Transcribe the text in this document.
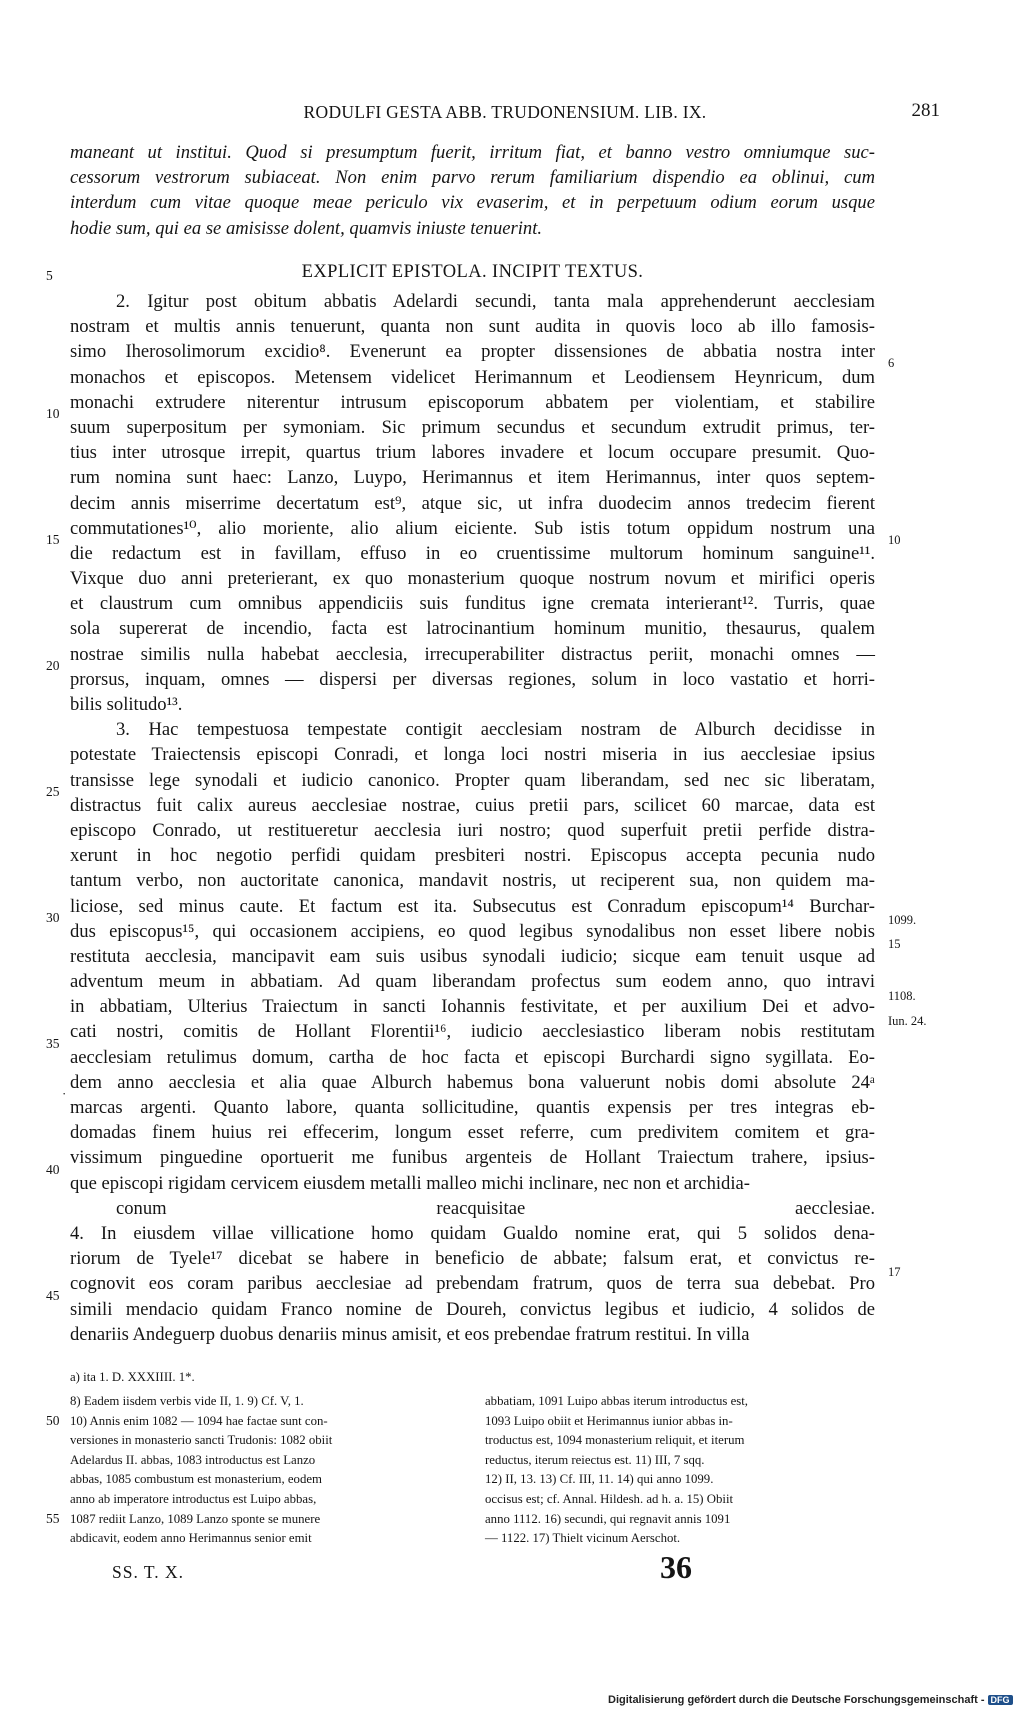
RODULFI GESTA ABB. TRUDONENSIUM. LIB. IX.	281
maneant ut institui. Quod si presumptum fuerit, irritum fiat, et banno vestro omniumque suc-
cessorum vestrorum subiaceat. Non enim parvo rerum familiarium dispendio ea oblinui, cum
interdum cum vitae quoque meae periculo vix evaserim, et in perpetuum odium eorum usque
hodie sum, qui ea se amisisse dolent, quamvis iniuste tenuerint.
5	EXPLICIT EPISTOLA. INCIPIT TEXTUS.
2. Igitur post obitum abbatis Adelardi secundi, tanta mala apprehenderunt aecclesiam
nostram et multis annis tenuerunt, quanta non sunt audita in quovis loco ab illo famosis-
simo Iherosolimorum excidio⁸. Evenerunt ea propter dissensiones de abbatia nostra inter
monachos et episcopos. Metensem videlicet Herimannum et Leodiensem Heynricum, dum
monachi extrudere niterentur intrusum episcoporum abbatem per violentiam, et stabilire
suum superpositum per symoniam. Sic primum secundus et secundum extrudit primus, ter-
tius inter utrosque irrepit, quartus trium labores invadere et locum occupare presumit. Quo-
rum nomina sunt haec: Lanzo, Luypo, Herimannus et item Herimannus, inter quos septem-
decim annis miserrime decertatum est⁹, atque sic, ut infra duodecim annos tredecim fierent
commutationes¹⁰, alio moriente, alio alium eiciente. Sub istis totum oppidum nostrum una
die redactum est in favillam, effuso in eo cruentissime multorum hominum sanguine¹¹.
Vixque duo anni preterierant, ex quo monasterium quoque nostrum novum et mirifici operis
et claustrum cum omnibus appendiciis suis funditus igne cremata interierant¹². Turris, quae
sola supererat de incendio, facta est latrocinantium hominum munitio, thesaurus, qualem
nostrae similis nulla habebat aecclesia, irrecuperabiliter distractus periit, monachi omnes —
prorsus, inquam, omnes — dispersi per diversas regiones, solum in loco vastatio et horri-
bilis solitudo¹³.
3. Hac tempestuosa tempestate contigit aecclesiam nostram de Alburch decidisse in
potestate Traiectensis episcopi Conradi, et longa loci nostri miseria in ius aecclesiae ipsius
transisse lege synodali et iudicio canonico. Propter quam liberandam, sed nec sic liberatam,
distractus fuit calix aureus aecclesiae nostrae, cuius pretii pars, scilicet 60 marcae, data est
episcopo Conrado, ut restitueretur aecclesia iuri nostro; quod superfuit pretii perfide distra-
xerunt in hoc negotio perfidi quidam presbiteri nostri. Episcopus accepta pecunia nudo
tantum verbo, non auctoritate canonica, mandavit nostris, ut reciperent sua, non quidem ma-
liciose, sed minus caute. Et factum est ita. Subsecutus est Conradum episcopum¹⁴ Burchar-
dus episcopus¹⁵, qui occasionem accipiens, eo quod legibus synodalibus non esset libere nobis
restituta aecclesia, mancipavit eam suis usibus synodali iudicio; sicque eam tenuit usque ad
adventum meum in abbatiam. Ad quam liberandam profectus sum eodem anno, quo intravi
in abbatiam, Ulterius Traiectum in sancti Iohannis festivitate, et per auxilium Dei et advo-
cati nostri, comitis de Hollant Florentii¹⁶, iudicio aecclesiastico liberam nobis restitutam
aecclesiam retulimus domum, cartha de hoc facta et episcopi Burchardi signo sygillata. Eo-
dem anno aecclesia et alia quae Alburch habemus bona valuerunt nobis domi absolute 24ᵃ
marcas argenti. Quanto labore, quanta sollicitudine, quantis expensis per tres integras eb-
domadas finem huius rei effecerim, longum esset referre, cum predivitem comitem et gra-
vissimum pinguedine oportuerit me funibus argenteis de Hollant Traiectum trahere, ipsius-
que episcopi rigidam cervicem eiusdem metalli malleo michi inclinare, nec non et archidia-
conum reacquisitae aecclesiae.
4. In eiusdem villae villicatione homo quidam Gualdo nomine erat, qui 5 solidos dena-
riorum de Tyele¹⁷ dicebat se habere in beneficio de abbate; falsum erat, et convictus re-
cognovit eos coram paribus aecclesiae ad prebendam fratrum, quos de terra sua debebat. Pro
simili mendacio quidam Franco nomine de Doureh, convictus legibus et iudicio, 4 solidos de
denariis Andeguerp duobus denariis minus amisit, et eos prebendae fratrum restitui. In villa
10
15
20
25
30
35
·
40
45
6
10
1099.
15
1108.
Iun. 24.
17
a) ita 1. D. XXXIIII. 1*.
8) Eadem iisdem verbis vide II, 1. 9) Cf. V, 1.
10) Annis enim 1082 — 1094 hae factae sunt con-
versiones in monasterio sancti Trudonis: 1082 obiit
Adelardus II. abbas, 1083 introductus est Lanzo
abbas, 1085 combustum est monasterium, eodem
anno ab imperatore introductus est Luipo abbas,
1087 rediit Lanzo, 1089 Lanzo sponte se munere
abdicavit, eodem anno Herimannus senior emit
abbatiam, 1091 Luipo abbas iterum introductus est,
1093 Luipo obiit et Herimannus iunior abbas in-
troductus est, 1094 monasterium reliquit, et iterum
reductus, iterum reiectus est. 11) III, 7 sqq.
12) II, 13. 13) Cf. III, 11. 14) qui anno 1099.
occisus est; cf. Annal. Hildesh. ad h. a. 15) Obiit
anno 1112. 16) secundi, qui regnavit annis 1091
— 1122. 17) Thielt vicinum Aerschot.
50
55
SS. T. X.	36
Digitalisierung gefördert durch die Deutsche Forschungsgemeinschaft - DFG
